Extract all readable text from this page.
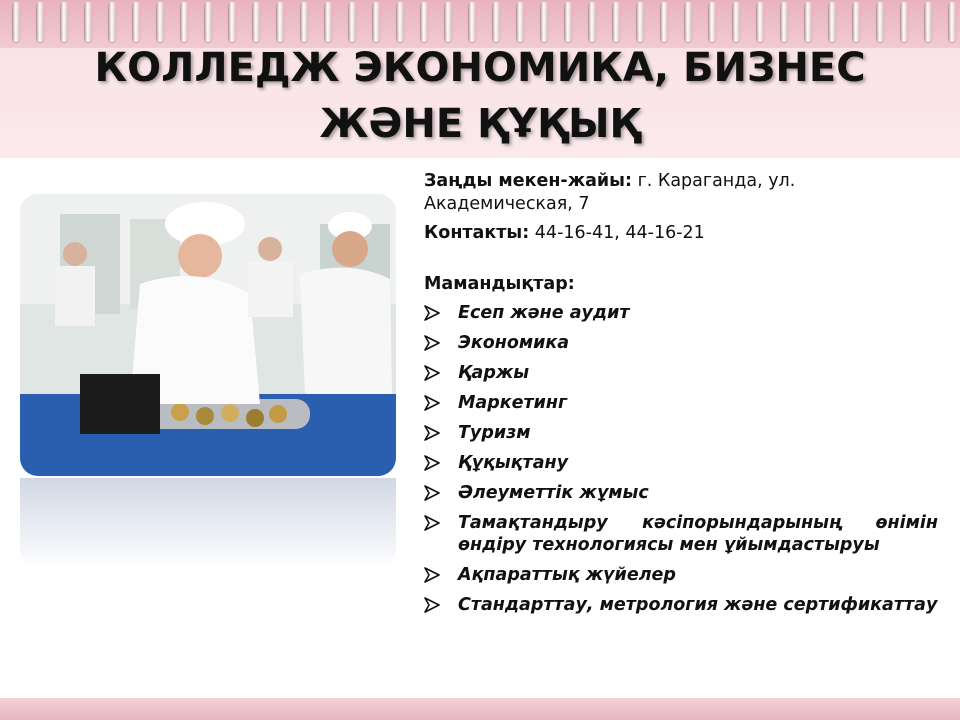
КОЛЛЕДЖ ЭКОНОМИКА, БИЗНЕС ЖӘНЕ ҚҰҚЫҚ
Заңды мекен-жайы: г. Караганда, ул. Академическая, 7
Контакты: 44-16-41, 44-16-21
Мамандықтар:
Есеп және аудит
Экономика
Қаржы
Маркетинг
Туризм
Құқықтану
Әлеуметтік жұмыс
Тамақтандыру кәсіпорындарының өнімін өндіру технологиясы мен ұйымдастыруы
Ақпараттық жүйелер
Стандарттау, метрология және сертификаттау
